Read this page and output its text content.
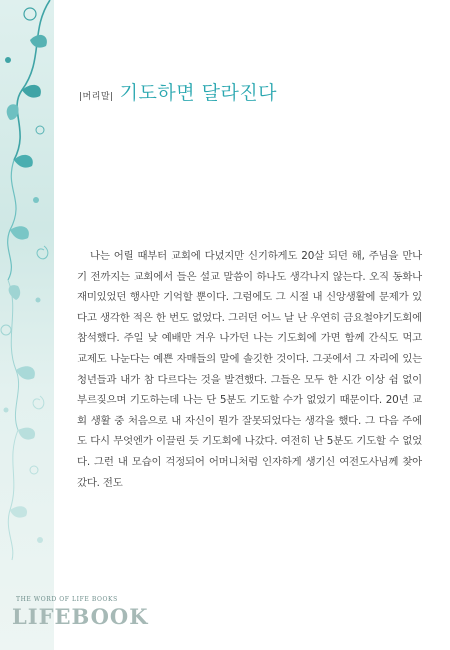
|머리말| 기도하면 달라진다

나는 어릴 때부터 교회에 다녔지만 신기하게도 20살 되던 해, 주님을 만나기 전까지는 교회에서 들은 설교 말씀이 하나도 생각나지 않는다. 오직 동화나 재미있었던 행사만 기억할 뿐이다. 그럼에도 그 시절 내 신앙생활에 문제가 있다고 생각한 적은 한 번도 없었다. 그러던 어느 날 난 우연히 금요철야기도회에 참석했다. 주일 낮 예배만 겨우 나가던 나는 기도회에 가면 함께 간식도 먹고 교제도 나눈다는 예쁜 자매들의 말에 솔깃한 것이다. 그곳에서 그 자리에 있는 청년들과 내가 참 다르다는 것을 발견했다. 그들은 모두 한 시간 이상 쉼 없이 부르짖으며 기도하는데 나는 단 5분도 기도할 수가 없었기 때문이다. 20년 교회 생활 중 처음으로 내 자신이 뭔가 잘못되었다는 생각을 했다. 그 다음 주에도 다시 무엇엔가 이끌린 듯 기도회에 나갔다. 여전히 난 5분도 기도할 수 없었다. 그런 내 모습이 걱정되어 어머니처럼 인자하게 생기신 여전도사님께 찾아갔다. 전도

THE WORD OF LIFE BOOKS
LIFEBOOK
